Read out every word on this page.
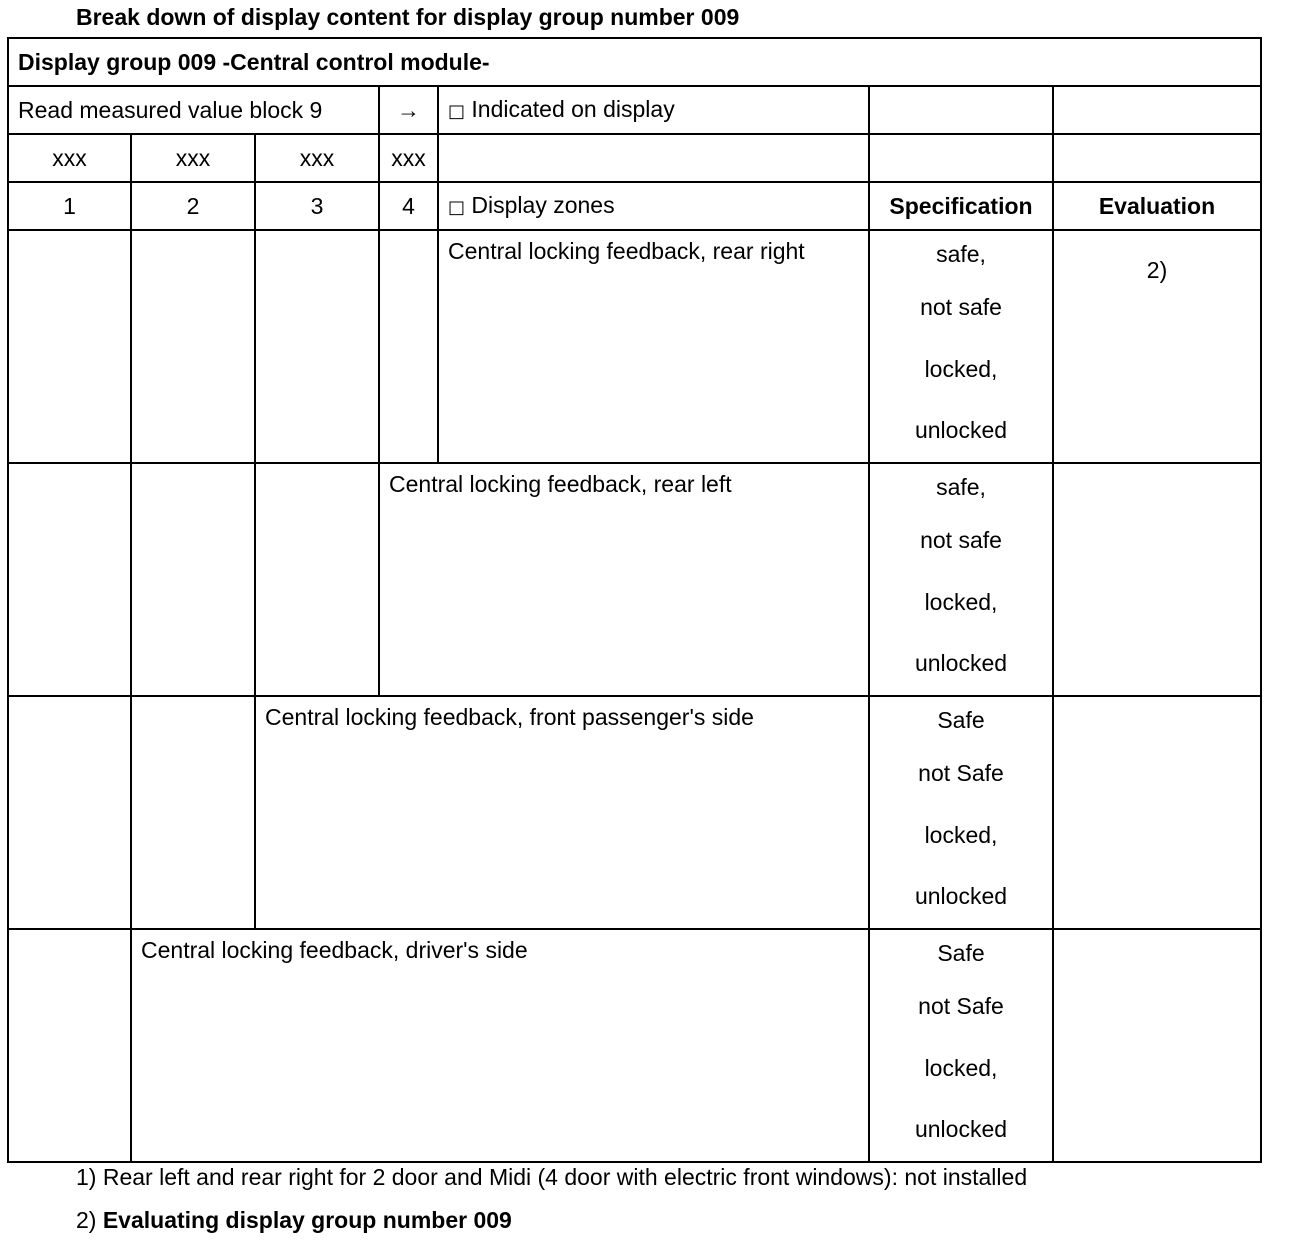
Break down of display content for display group number 009
Display group 009 -Central control module-						
Read measured value block 9			→	□ Indicated on display		
xxx	xxx	xxx	xxx			
1	2	3	4	□ Display zones	Specification	Evaluation
				Central locking feedback, rear right	safe,
not safe
locked,
unlocked	2)
			Central locking feedback, rear left		safe,
not safe
locked,
unlocked	

		Central locking feedback, front passenger's side			Safe
not Safe
locked,
unlocked	

	Central locking feedback, driver's side				Safe
not Safe
locked,
unlocked	

1) Rear left and rear right for 2 door and Midi (4 door with electric front windows): not installed
2) Evaluating display group number 009
